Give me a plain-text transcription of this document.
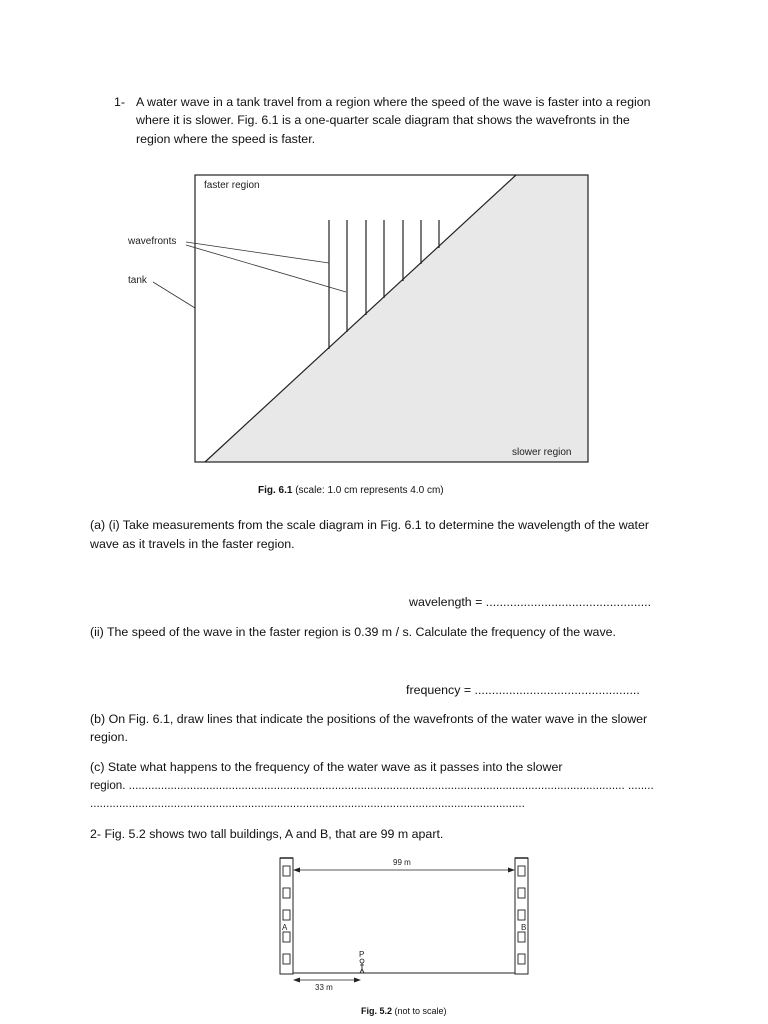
1- A water wave in a tank travel from a region where the speed of the wave is faster into a region
where it is slower. Fig. 6.1 is a one-quarter scale diagram that shows the wavefronts in the
region where the speed is faster.
faster region
slower region
wavefronts
tank
Fig. 6.1 (scale: 1.0 cm represents 4.0 cm)
(a) (i) Take measurements from the scale diagram in Fig. 6.1 to determine the wavelength of the water
wave as it travels in the faster region.
wavelength = ................................................
(ii) The speed of the wave in the faster region is 0.39 m / s. Calculate the frequency of the wave.
frequency = ................................................
(b) On Fig. 6.1, draw lines that indicate the positions of the wavefronts of the water wave in the slower
region.
(c) State what happens to the frequency of the water wave as it passes into the slower
region. .......................................................................................................................................................... ........
.......................................................................................................................................
2- Fig. 5.2 shows two tall buildings, A and B, that are 99 m apart.
99 m
A	B
P
33 m
Fig. 5.2 (not to scale)
